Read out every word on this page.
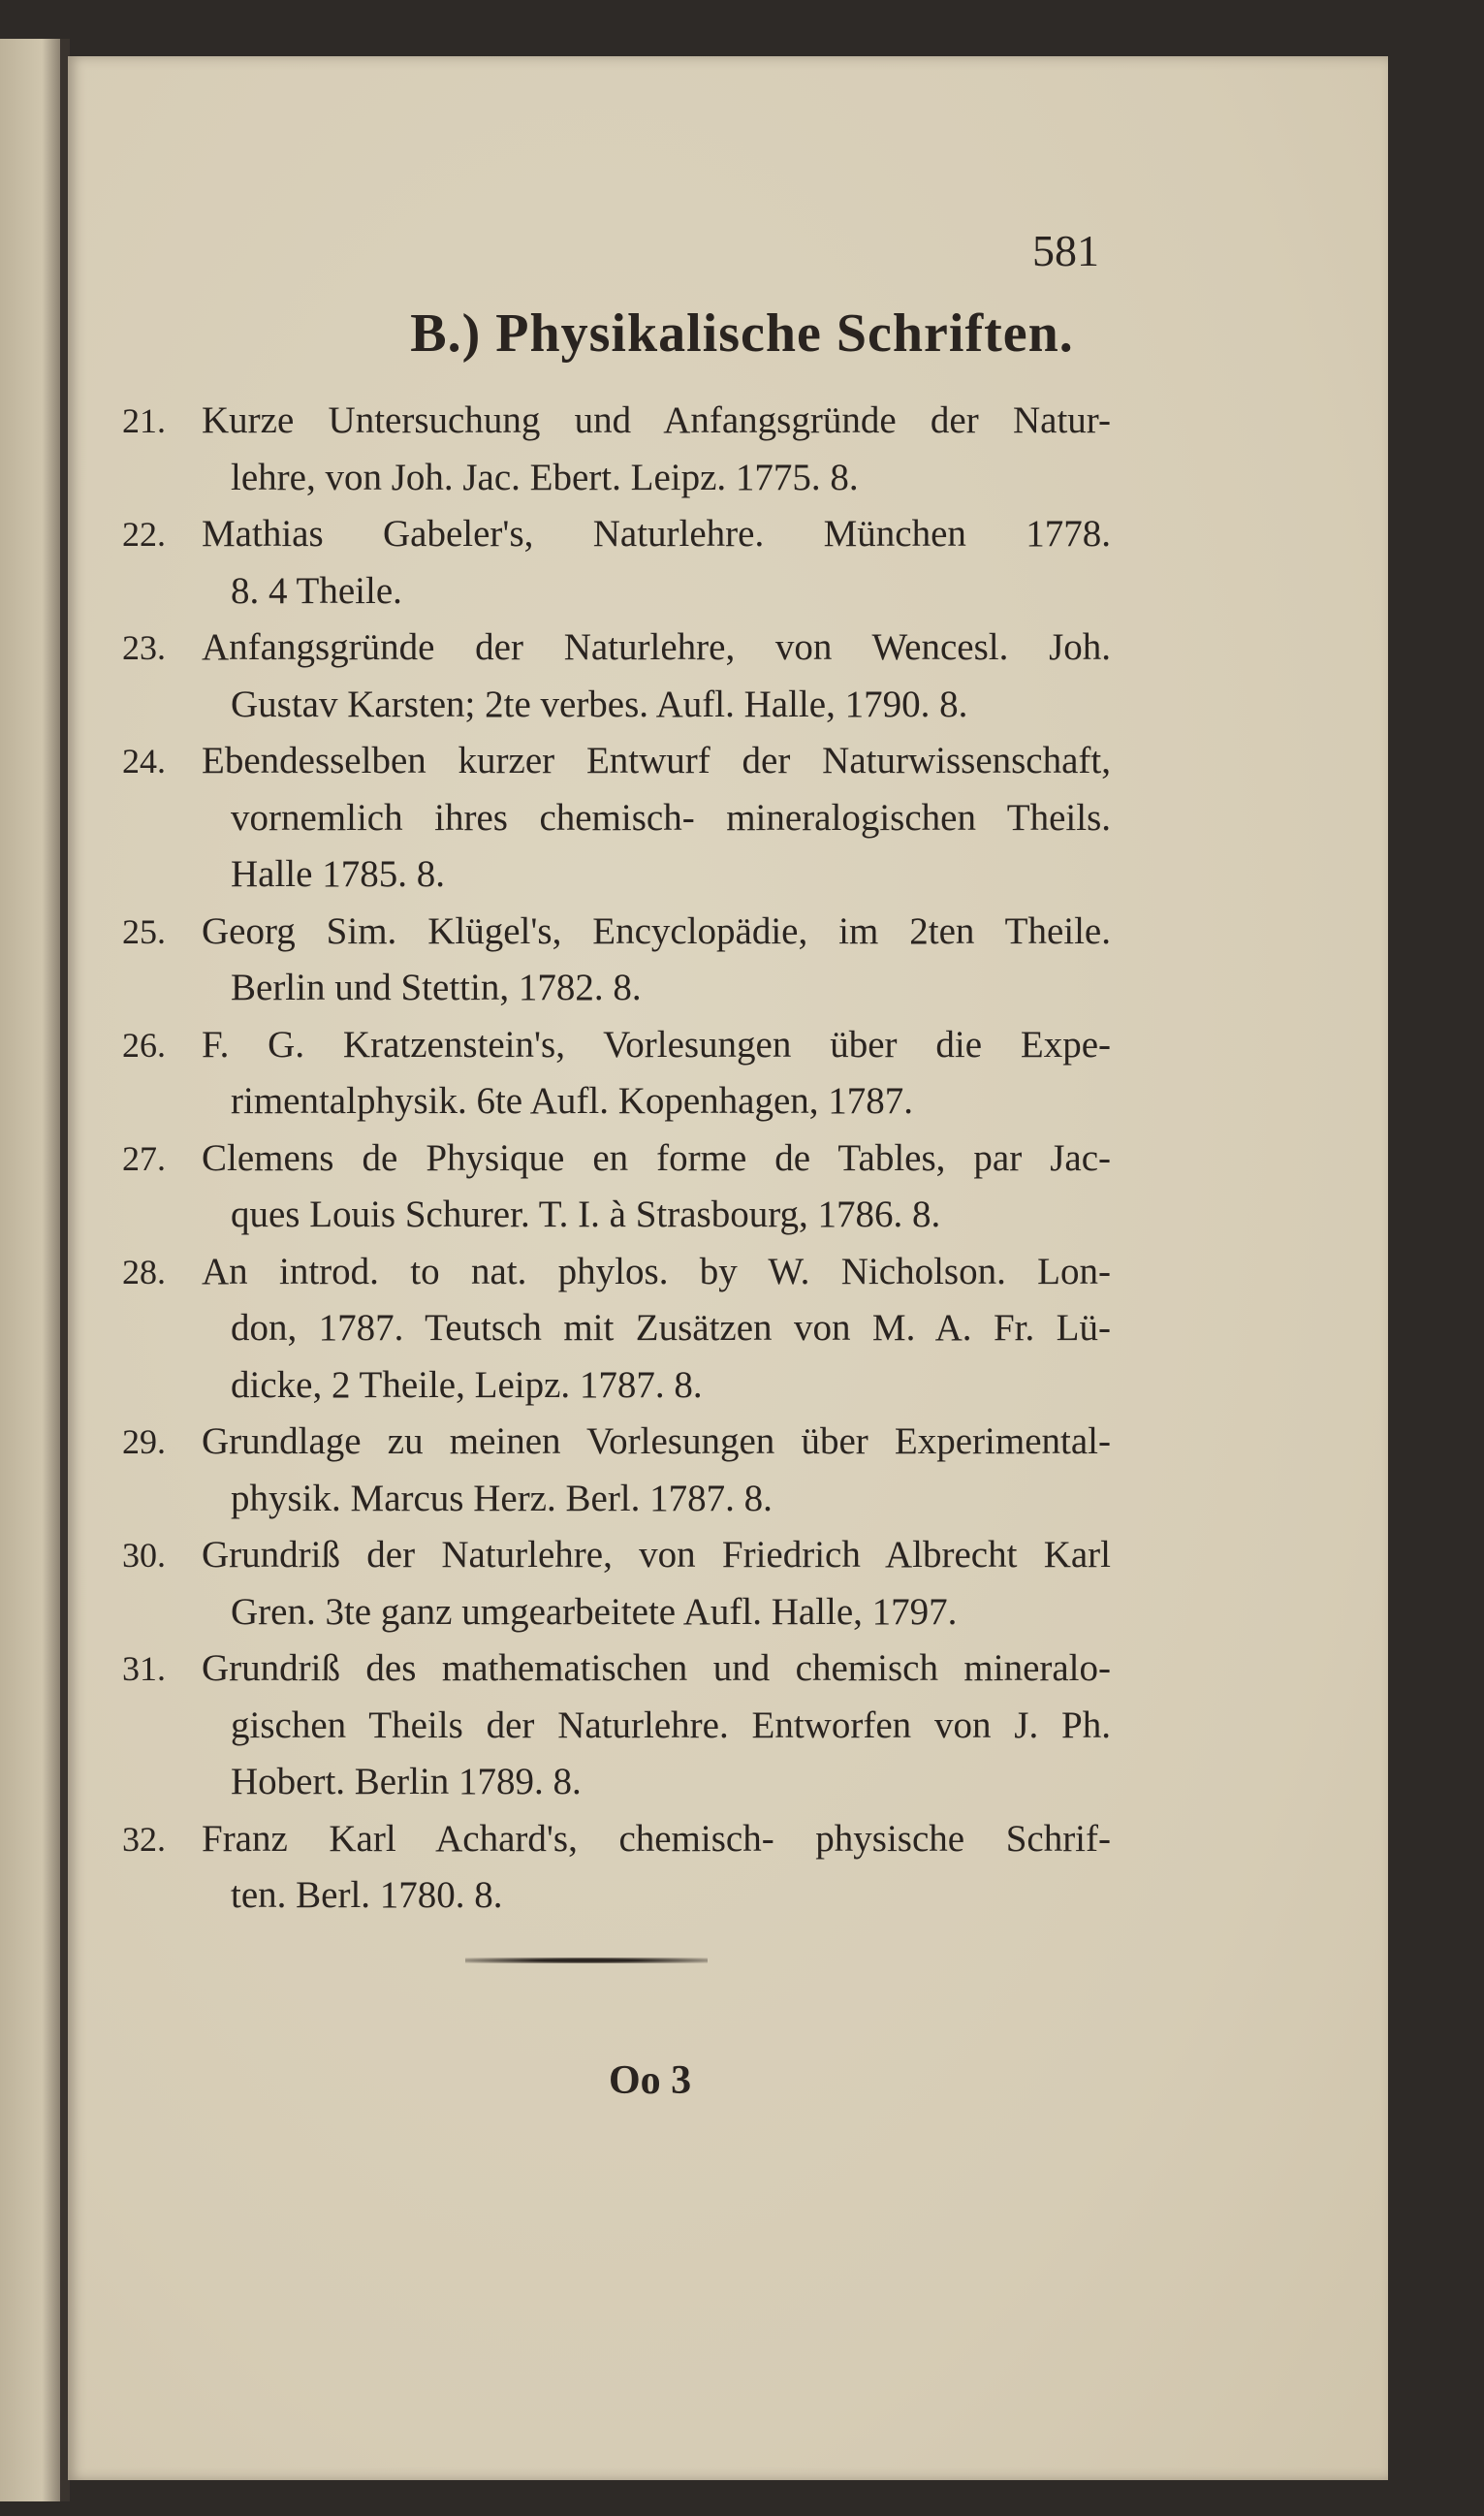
581
B.) Physikalische Schriften.
21. Kurze Untersuchung und Anfangsgründe der Natur-
lehre, von Joh. Jac. Ebert. Leipz. 1775. 8.
22. Mathias Gabeler's, Naturlehre. München 1778.
8. 4 Theile.
23. Anfangsgründe der Naturlehre, von Wencesl. Joh.
Gustav Karsten; 2te verbes. Aufl. Halle, 1790. 8.
24. Ebendesselben kurzer Entwurf der Naturwissenschaft,
vornemlich ihres chemisch- mineralogischen Theils.
Halle 1785. 8.
25. Georg Sim. Klügel's, Encyclopädie, im 2ten Theile.
Berlin und Stettin, 1782. 8.
26. F. G. Kratzenstein's, Vorlesungen über die Expe-
rimentalphysik. 6te Aufl. Kopenhagen, 1787.
27. Clemens de Physique en forme de Tables, par Jac-
ques Louis Schurer. T. I. à Strasbourg, 1786. 8.
28. An introd. to nat. phylos. by W. Nicholson. Lon-
don, 1787. Teutsch mit Zusätzen von M. A. Fr. Lü-
dicke, 2 Theile, Leipz. 1787. 8.
29. Grundlage zu meinen Vorlesungen über Experimental-
physik. Marcus Herz. Berl. 1787. 8.
30. Grundriß der Naturlehre, von Friedrich Albrecht Karl
Gren. 3te ganz umgearbeitete Aufl. Halle, 1797.
31. Grundriß des mathematischen und chemisch mineralo-
gischen Theils der Naturlehre. Entworfen von J. Ph.
Hobert. Berlin 1789. 8.
32. Franz Karl Achard's, chemisch- physische Schrif-
ten. Berl. 1780. 8.
Oo 3
